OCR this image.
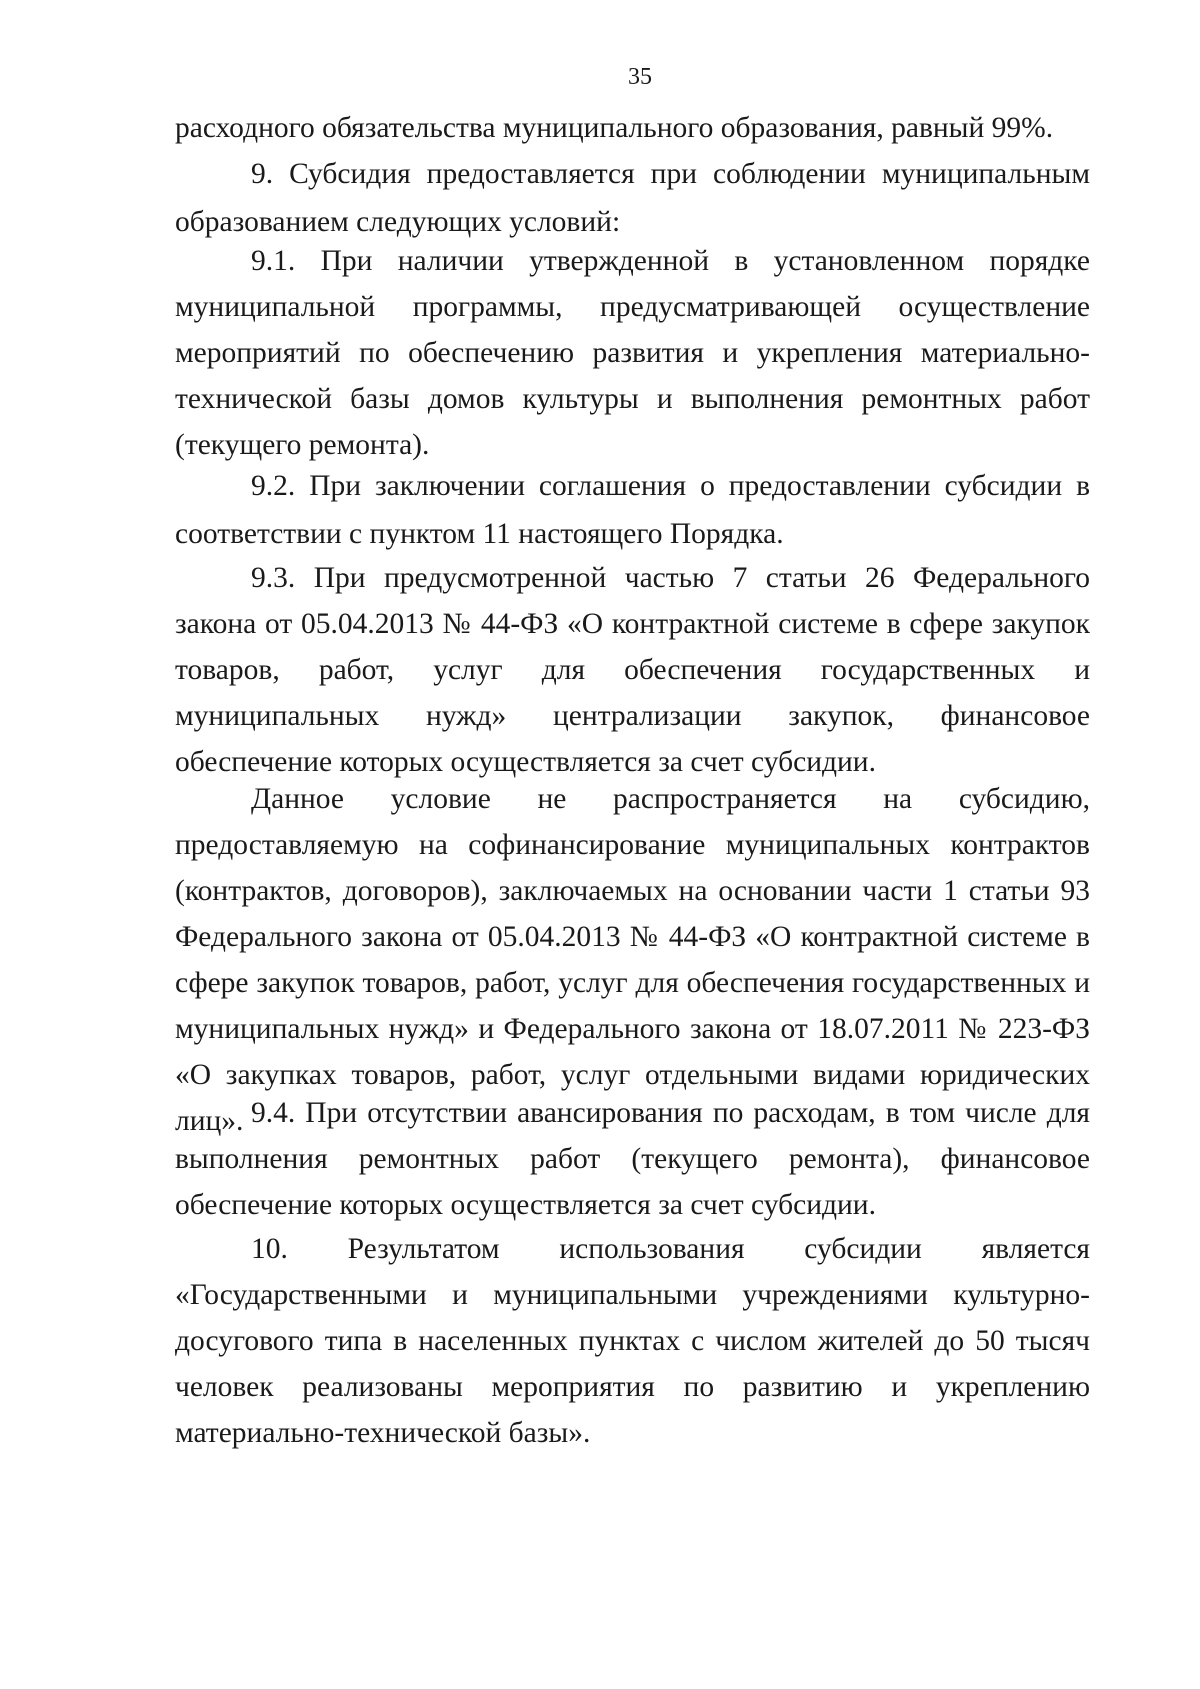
35
расходного обязательства муниципального образования, равный 99%.
9. Субсидия предоставляется при соблюдении муниципальным образованием следующих условий:
9.1. При наличии утвержденной в установленном порядке муниципальной программы, предусматривающей осуществление мероприятий по обеспечению развития и укрепления материально-технической базы домов культуры и выполнения ремонтных работ (текущего ремонта).
9.2. При заключении соглашения о предоставлении субсидии в соответствии с пунктом 11 настоящего Порядка.
9.3. При предусмотренной частью 7 статьи 26 Федерального закона от 05.04.2013 № 44-ФЗ «О контрактной системе в сфере закупок товаров, работ, услуг для обеспечения государственных и муниципальных нужд» централизации закупок, финансовое обеспечение которых осуществляется за счет субсидии.
Данное условие не распространяется на субсидию, предоставляемую на софинансирование муниципальных контрактов (контрактов, договоров), заключаемых на основании части 1 статьи 93 Федерального закона от 05.04.2013 № 44-ФЗ «О контрактной системе в сфере закупок товаров, работ, услуг для обеспечения государственных и муниципальных нужд» и Федерального закона от 18.07.2011 № 223-ФЗ «О закупках товаров, работ, услуг отдельными видами юридических лиц». 9.4. При отсутствии авансирования по расходам, в том числе для выполнения ремонтных работ (текущего ремонта), финансовое обеспечение которых осуществляется за счет субсидии.
10. Результатом использования субсидии является «Государственными и муниципальными учреждениями культурно-досугового типа в населенных пунктах с числом жителей до 50 тысяч человек реализованы мероприятия по развитию и укреплению материально-технической базы».
